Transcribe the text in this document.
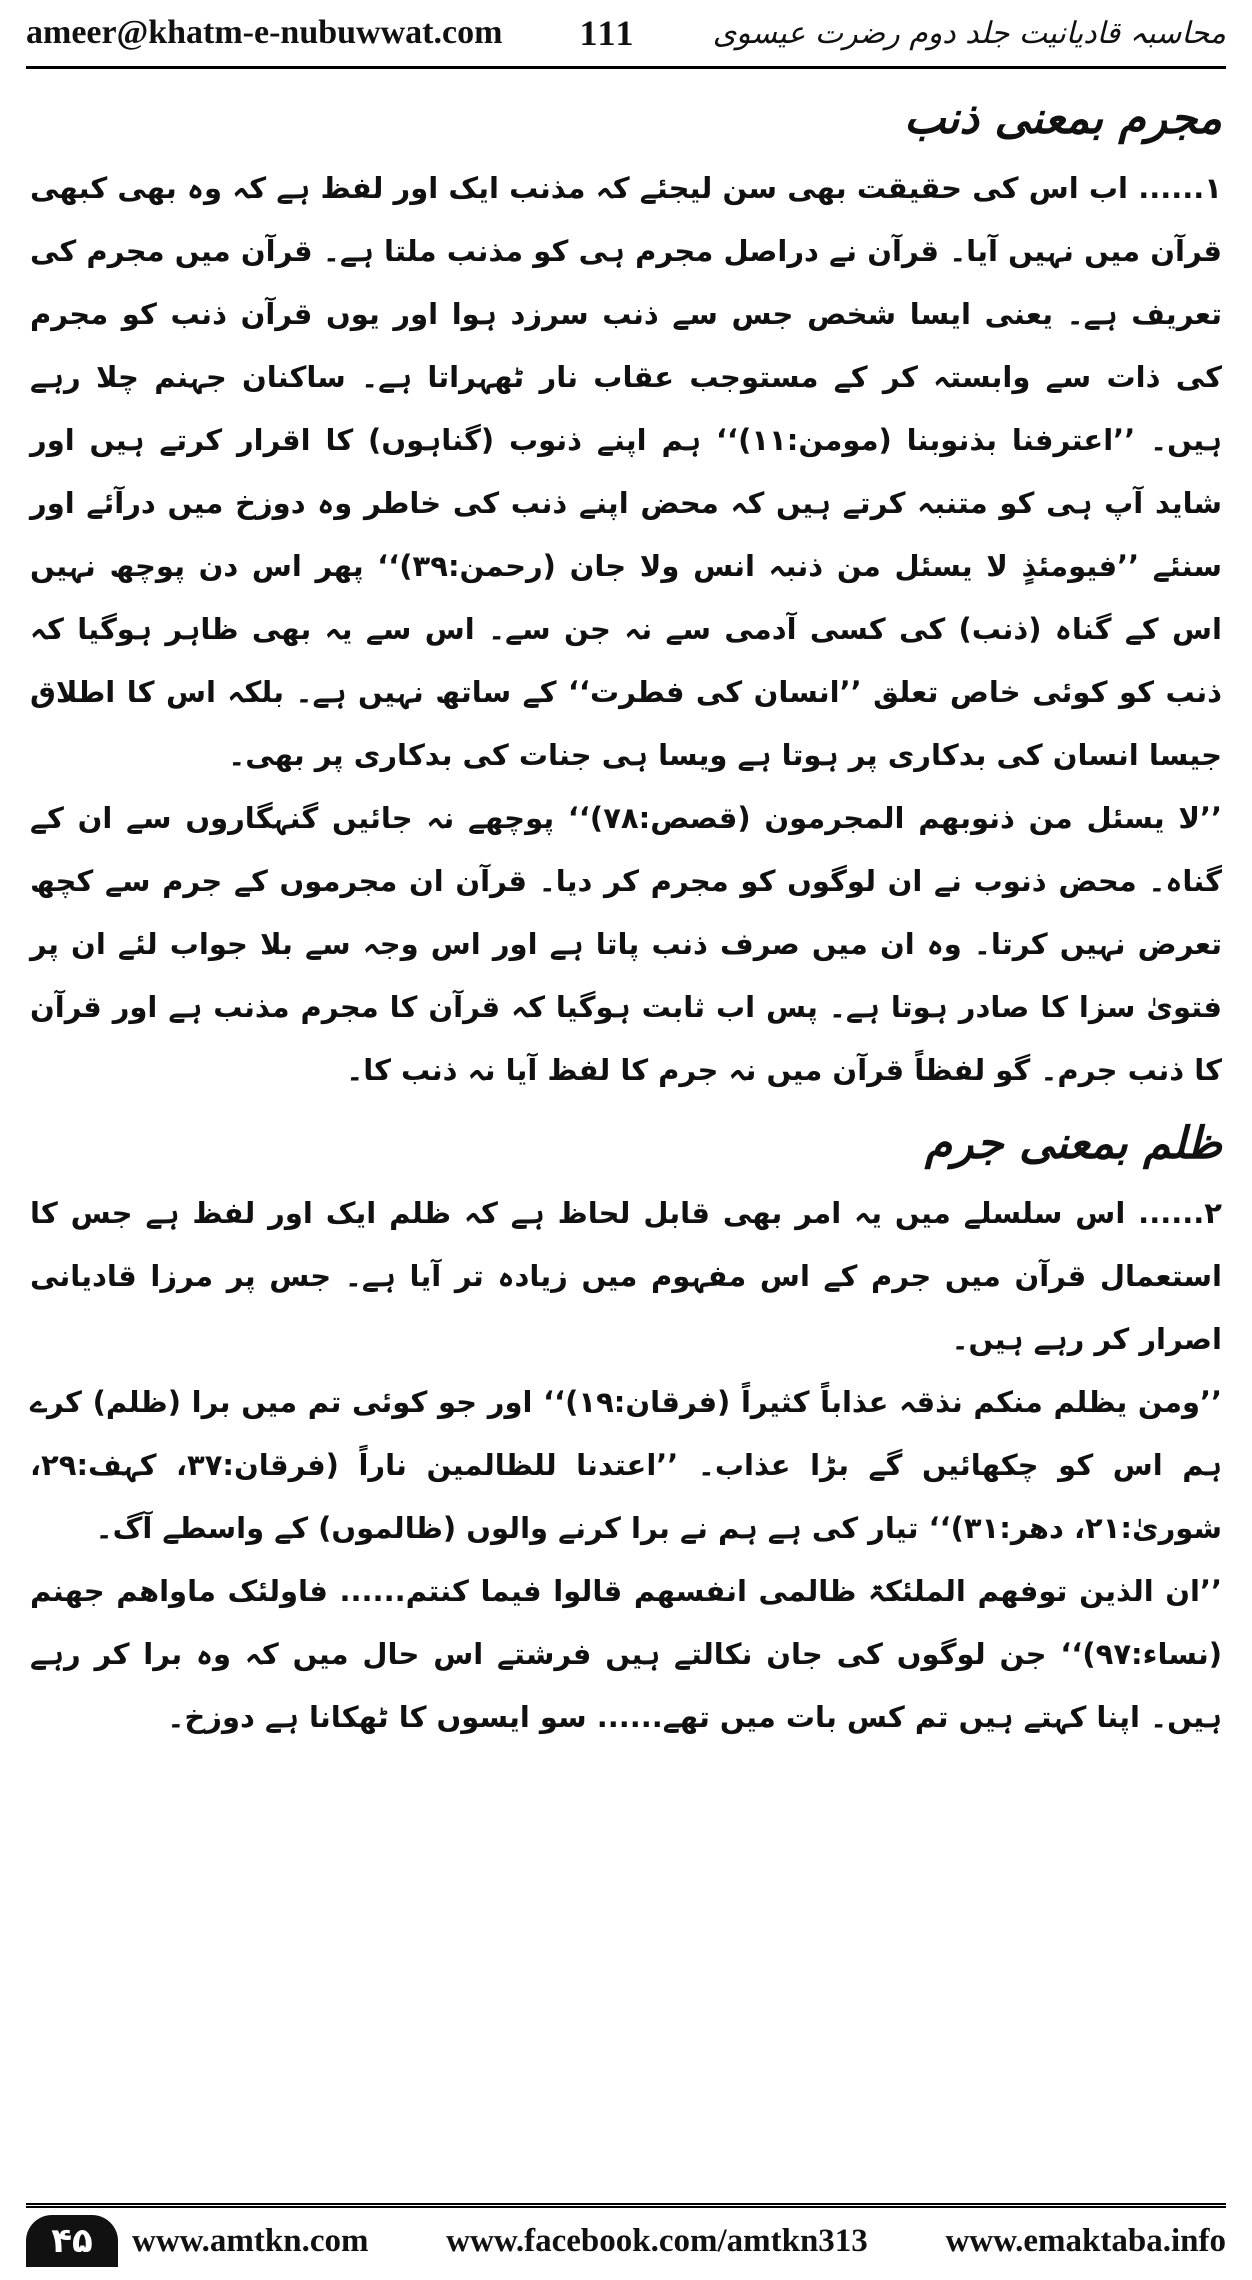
ameer@khatm-e-nubuwwat.com 111	محاسبہ قادیانیت جلد دوم رضرت عیسوی
مجرم بمعنی ذنب

۱...... اب اس کی حقیقت بھی سن لیجئے کہ مذنب ایک اور لفظ ہے کہ وہ بھی کبھی قرآن میں نہیں آیا۔ قرآن نے دراصل مجرم ہی کو مذنب ملتا ہے۔ قرآن میں مجرم کی تعریف ہے۔ یعنی ایسا شخص جس سے ذنب سرزد ہوا اور یوں قرآن ذنب کو مجرم کی ذات سے وابستہ کر کے مستوجب عقاب نار ٹھہراتا ہے۔ ساکنان جہنم چلا رہے ہیں۔ ’’اعترفنا بذنوبنا (مومن:۱۱)‘‘ ہم اپنے ذنوب (گناہوں) کا اقرار کرتے ہیں اور شاید آپ ہی کو متنبہ کرتے ہیں کہ محض اپنے ذنب کی خاطر وہ دوزخ میں درآئے اور سنئے ’’فیومئذٍ لا یسئل من ذنبہ انس ولا جان (رحمن:۳۹)‘‘ پھر اس دن پوچھ نہیں اس کے گناہ (ذنب) کی کسی آدمی سے نہ جن سے۔ اس سے یہ بھی ظاہر ہوگیا کہ ذنب کو کوئی خاص تعلق ’’انسان کی فطرت‘‘ کے ساتھ نہیں ہے۔ بلکہ اس کا اطلاق جیسا انسان کی بدکاری پر ہوتا ہے ویسا ہی جنات کی بدکاری پر بھی۔

’’لا یسئل من ذنوبھم المجرمون (قصص:۷۸)‘‘ پوچھے نہ جائیں گنہگاروں سے ان کے گناہ۔ محض ذنوب نے ان لوگوں کو مجرم کر دیا۔ قرآن ان مجرموں کے جرم سے کچھ تعرض نہیں کرتا۔ وہ ان میں صرف ذنب پاتا ہے اور اس وجہ سے بلا جواب لئے ان پر فتویٰ سزا کا صادر ہوتا ہے۔ پس اب ثابت ہوگیا کہ قرآن کا مجرم مذنب ہے اور قرآن کا ذنب جرم۔ گو لفظاً قرآن میں نہ جرم کا لفظ آیا نہ ذنب کا۔

ظلم بمعنی جرم

۲...... اس سلسلے میں یہ امر بھی قابل لحاظ ہے کہ ظلم ایک اور لفظ ہے جس کا استعمال قرآن میں جرم کے اس مفہوم میں زیادہ تر آیا ہے۔ جس پر مرزا قادیانی اصرار کر رہے ہیں۔

’’ومن یظلم منکم نذقہ عذاباً کثیراً (فرقان:۱۹)‘‘ اور جو کوئی تم میں برا (ظلم) کرے ہم اس کو چکھائیں گے بڑا عذاب۔ ’’اعتدنا للظالمین ناراً (فرقان:۳۷، کہف:۲۹، شوریٰ:۲۱، دھر:۳۱)‘‘ تیار کی ہے ہم نے برا کرنے والوں (ظالموں) کے واسطے آگ۔

’’ان الذین توفھم الملئکۃ ظالمی انفسھم قالوا فیما کنتم...... فاولئک ماواھم جھنم (نساء:۹۷)‘‘ جن لوگوں کی جان نکالتے ہیں فرشتے اس حال میں کہ وہ برا کر رہے ہیں۔ اپنا کہتے ہیں تم کس بات میں تھے...... سو ایسوں کا ٹھکانا ہے دوزخ۔

۴۵	www.amtkn.com www.facebook.com/amtkn313 www.emaktaba.info
